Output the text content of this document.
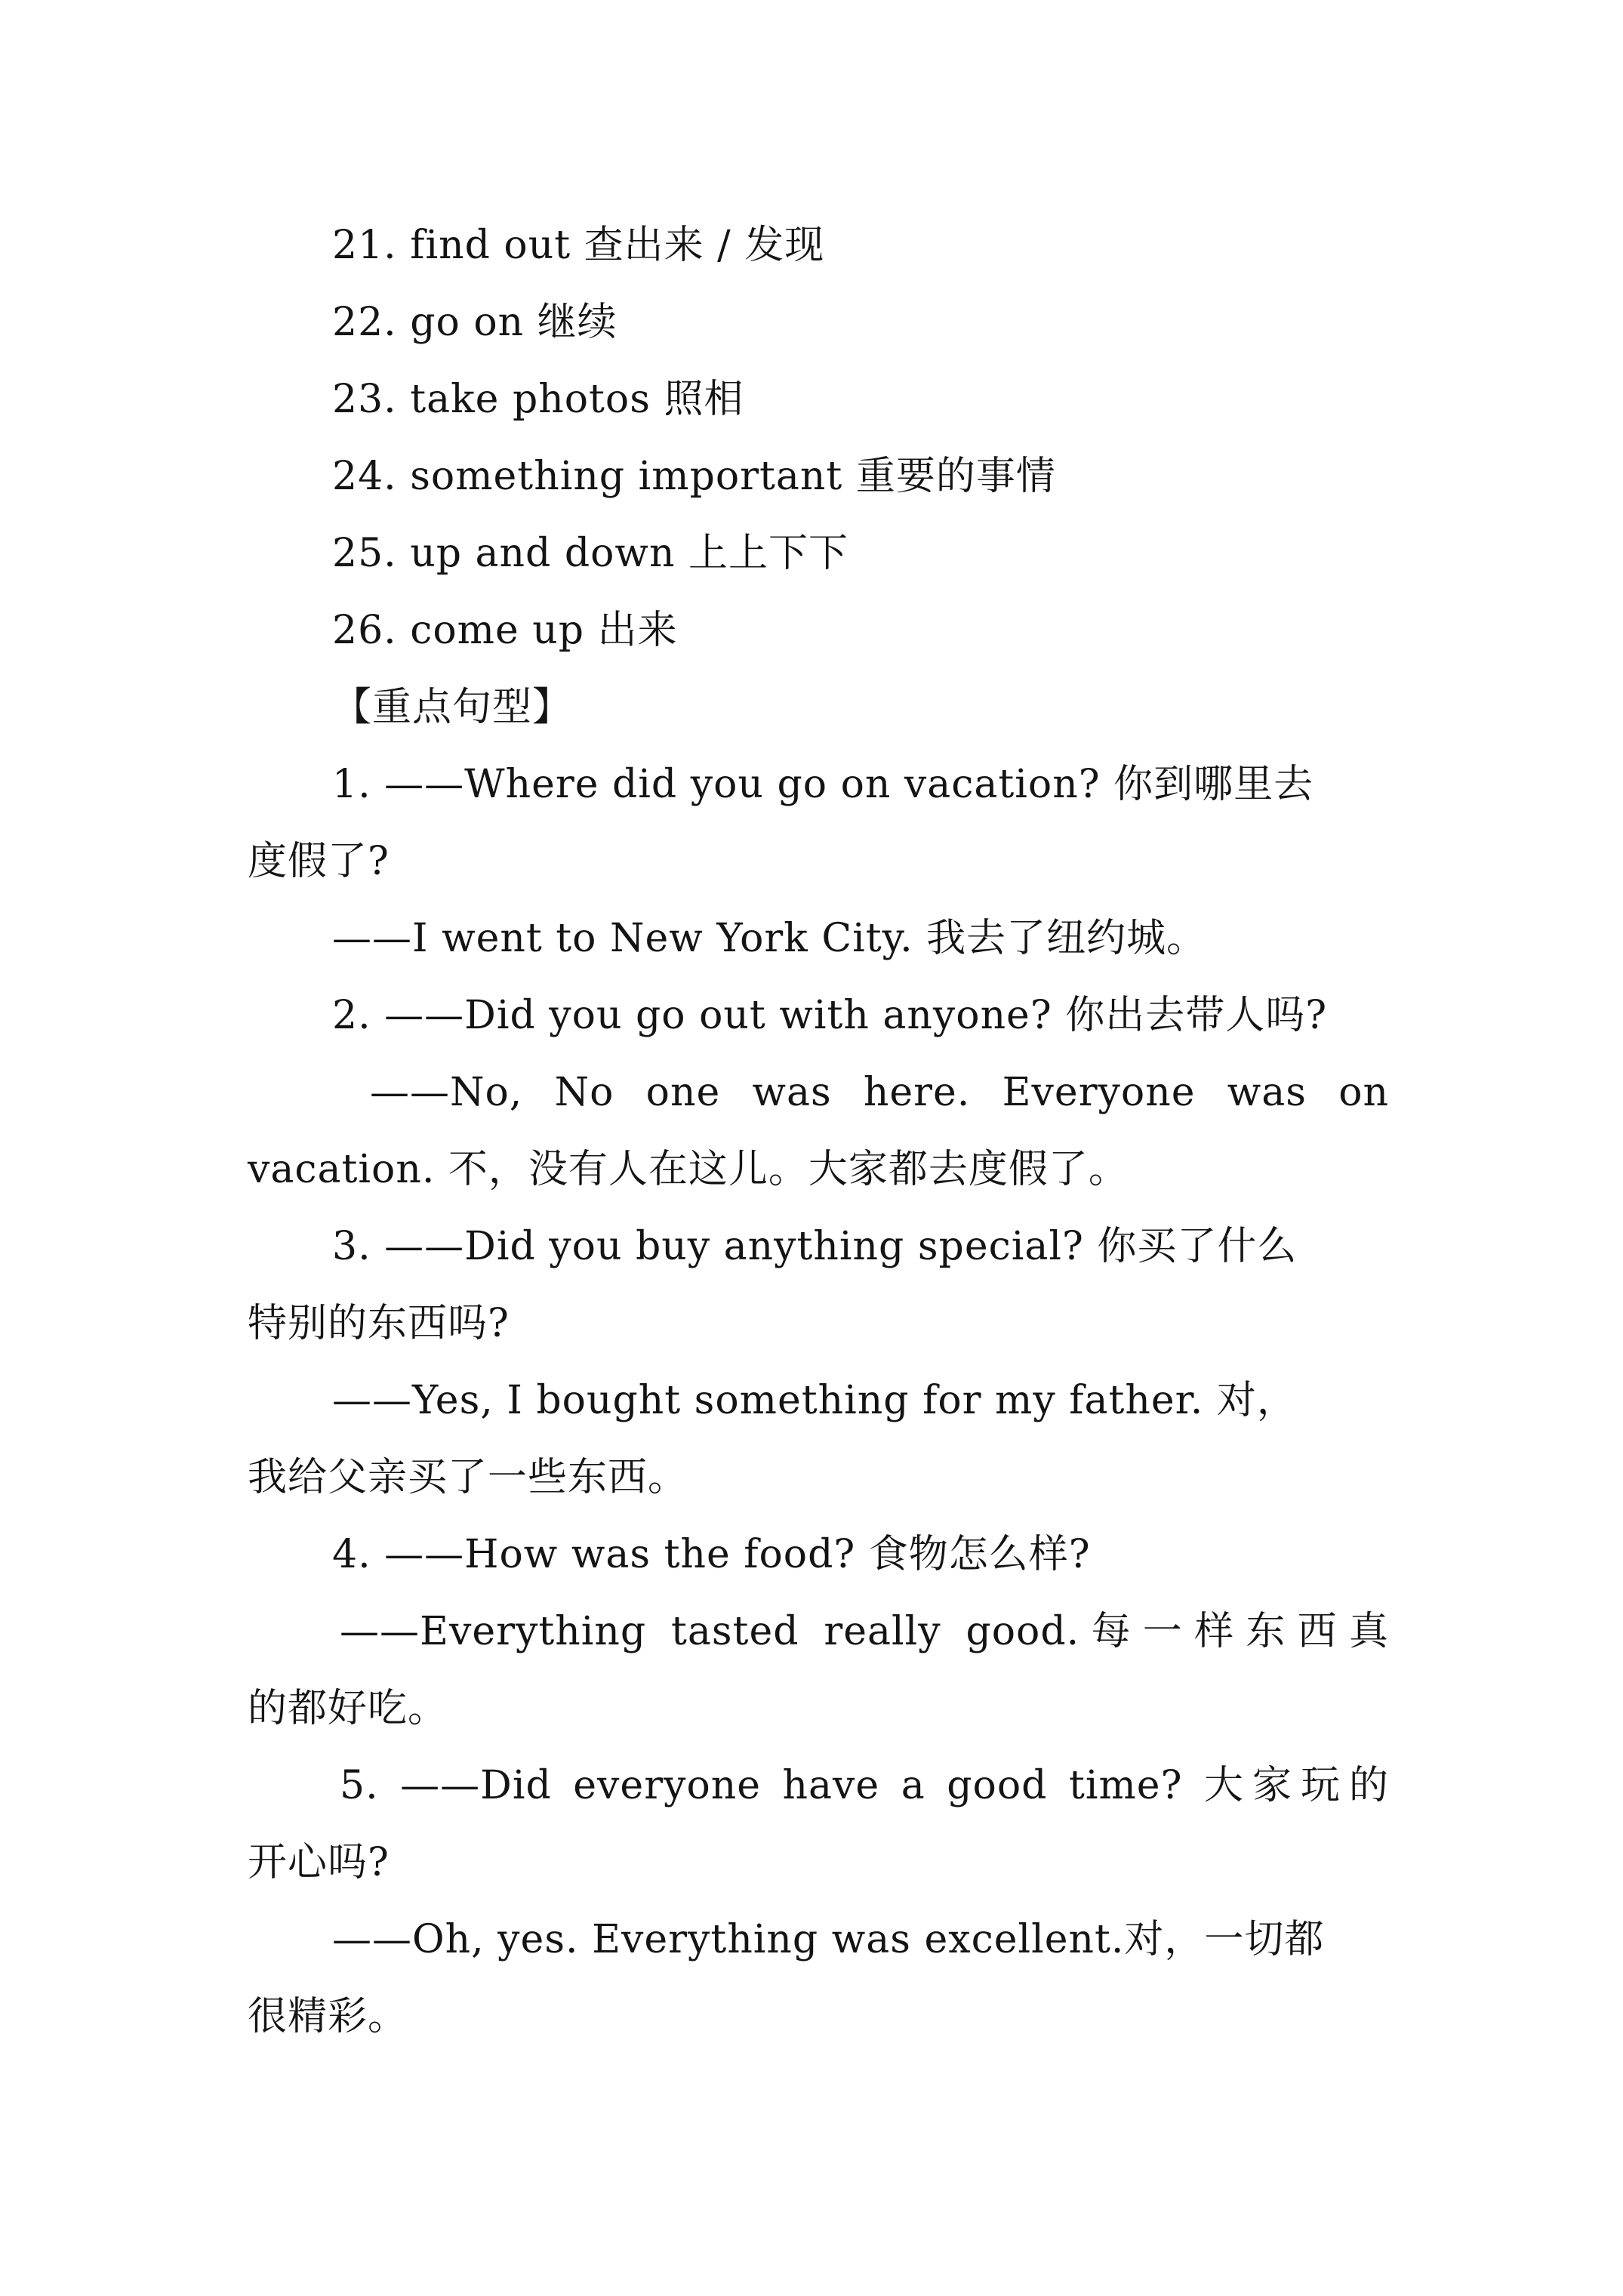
21. find out 查出来 / 发现
22. go on 继续
23. take photos 照相
24. something important 重要的事情
25. up and down 上上下下
26. come up 出来
【重点句型】
1. ——Where did you go on vacation? 你到哪里去
度假了?
——I went to New York City. 我去了纽约城。
2. ——Did you go out with anyone? 你出去带人吗?
——No, No one was here. Everyone was on
vacation. 不，没有人在这儿。大家都去度假了。
3. ——Did you buy anything special? 你买了什么
特别的东西吗?
——Yes, I bought something for my father. 对，
我给父亲买了一些东西。
4. ——How was the food? 食物怎么样?
——Everything tasted really good.每一样东西真
的都好吃。
5. ——Did everyone have a good time? 大家玩的
开心吗?
——Oh, yes. Everything was excellent.对，一切都
很精彩。
